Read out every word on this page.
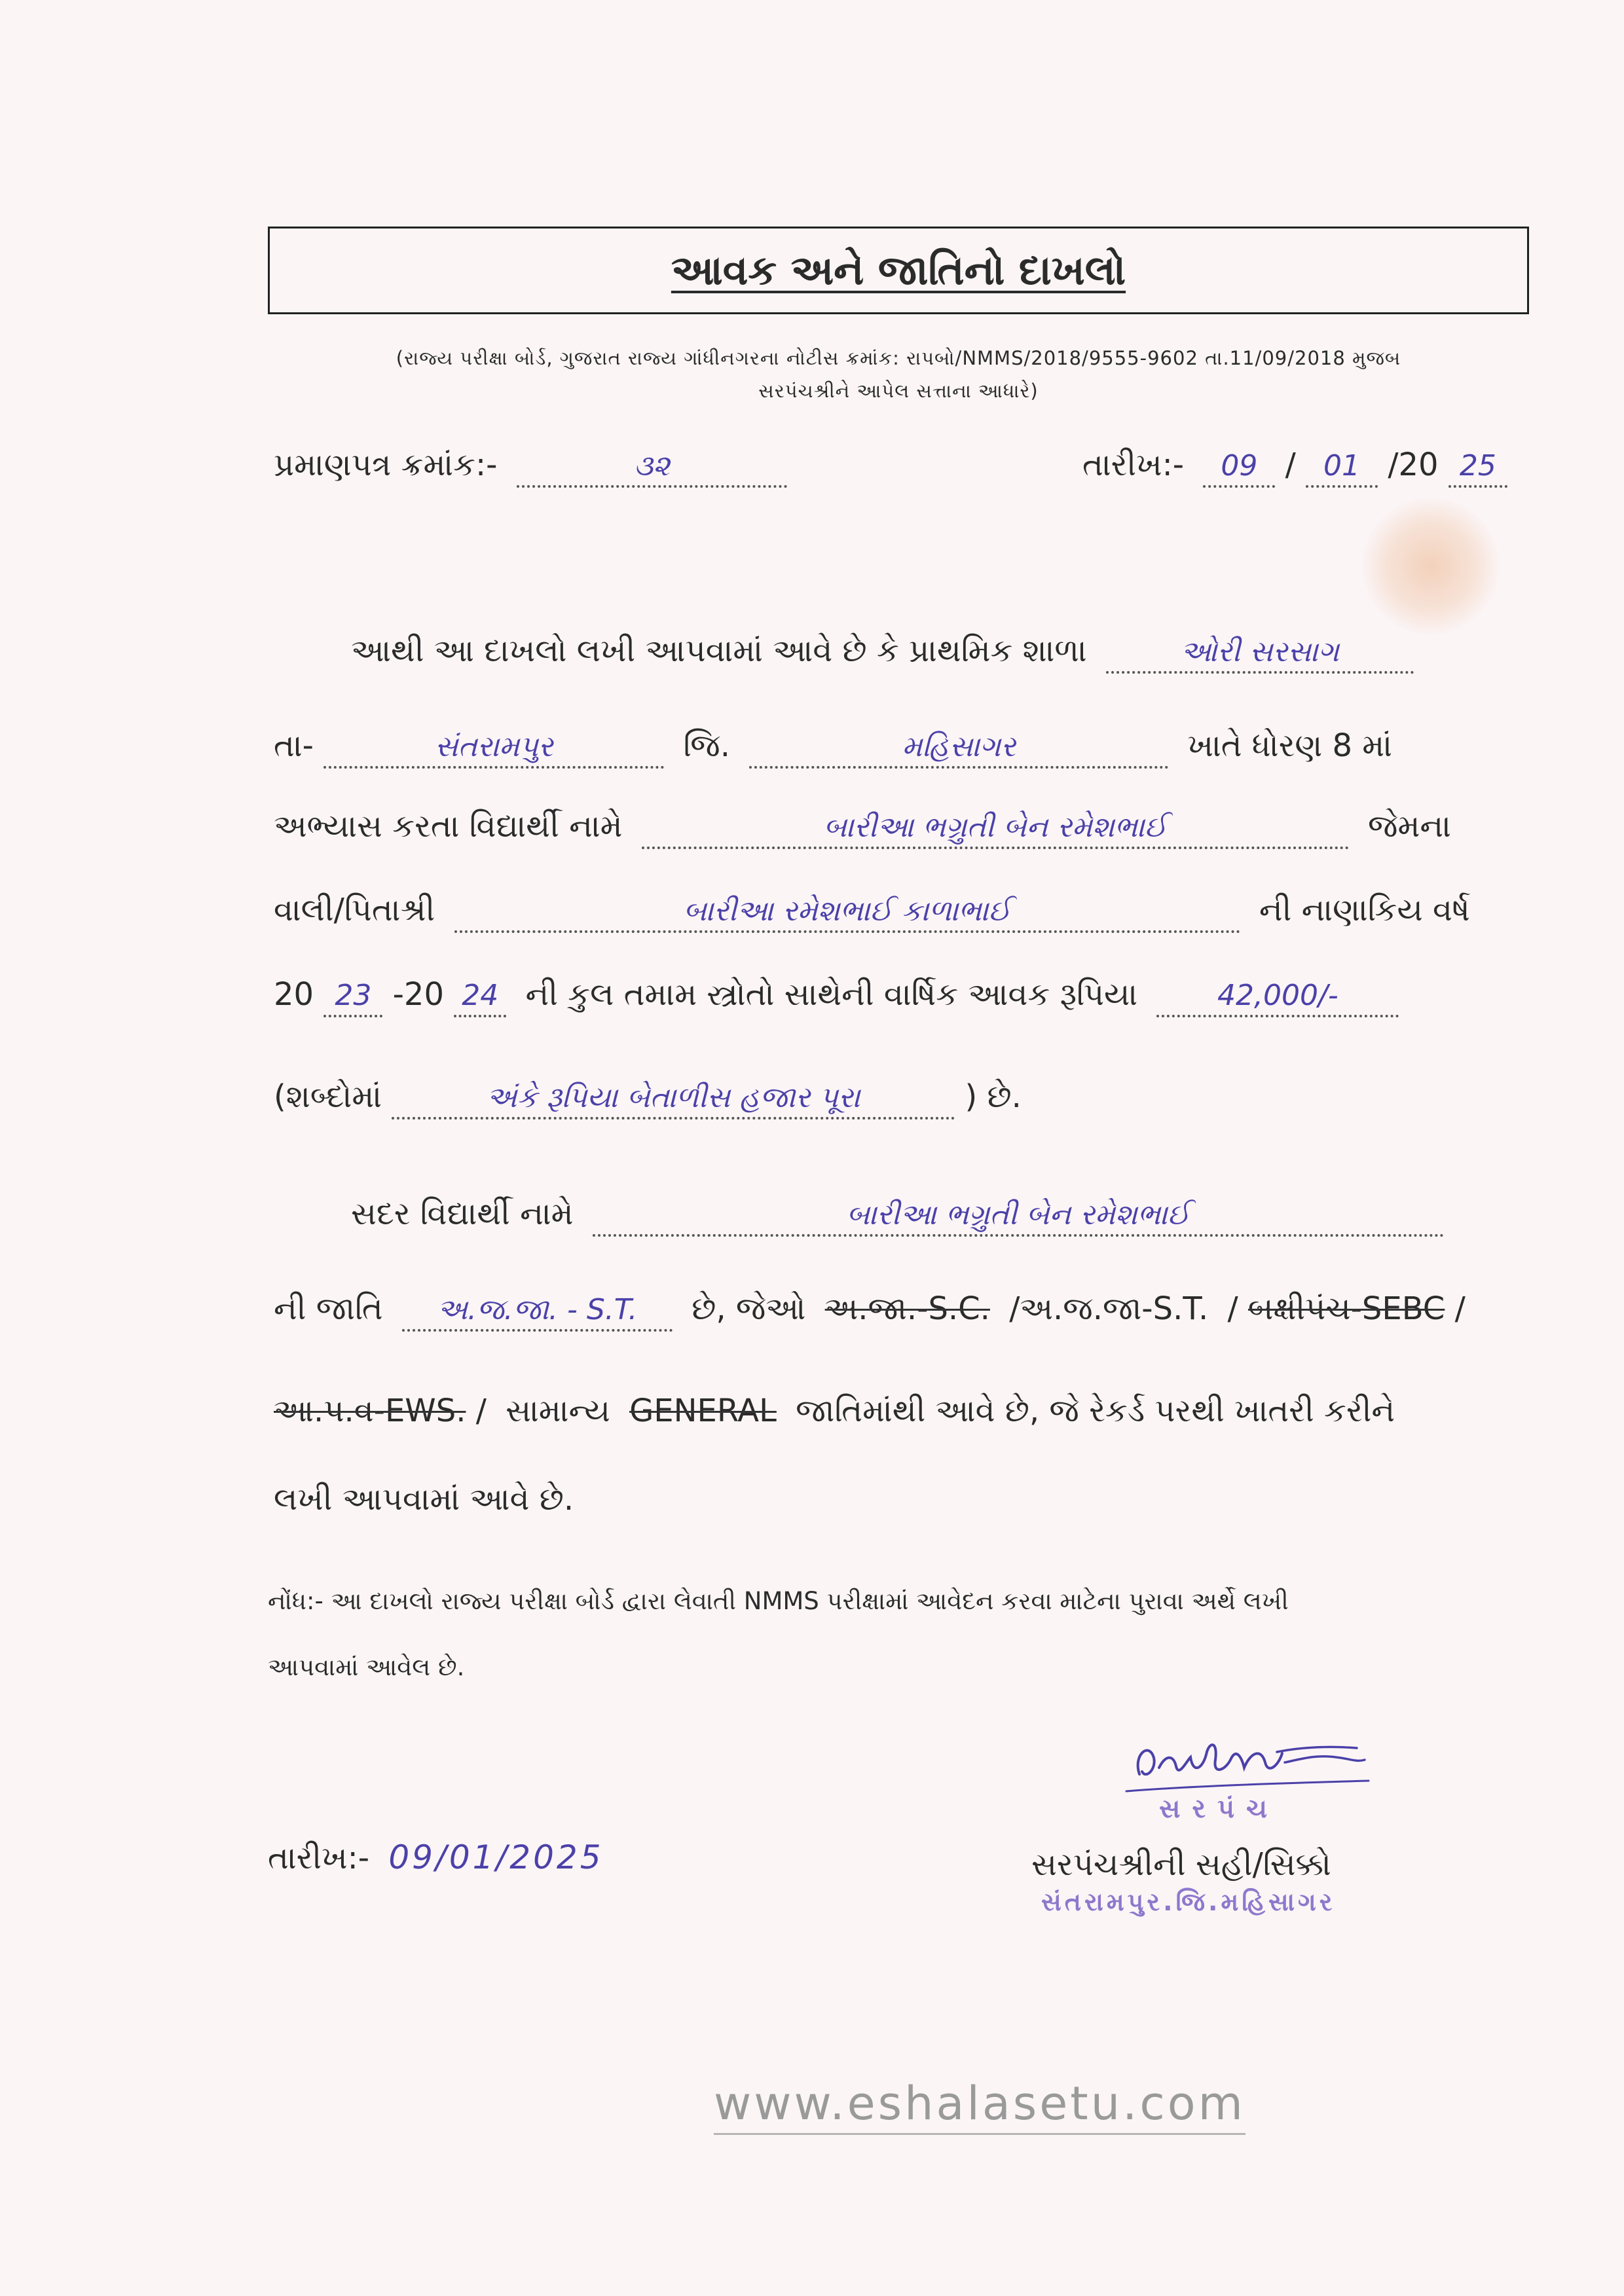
આવક અને જાતિનો દાખલો
(રાજ્ય પરીક્ષા બોર્ડ, ગુજરાત રાજ્ય ગાંધીનગરના નોટીસ ક્રમાંક: રાપબો/NMMS/2018/9555-9602 તા.11/09/2018 મુજબ
સરપંચશ્રીને આપેલ સત્તાના આધારે)
પ્રમાણપત્ર ક્રમાંક:-	૩૨	તારીખ:- 09 / 01 /20 25
આથી આ દાખલો લખી આપવામાં આવે છે કે પ્રાથમિક શાળા	ઓરી સરસાગ
તા-	સંતરામપુર	જિ.	મહિસાગર	ખાતે ધોરણ 8 માં
અભ્યાસ કરતા વિદ્યાર્થી નામે	બારીઆ ભગ્રુતી બેન રમેશભાઈ	જેમના
વાલી/પિતાશ્રી	બારીઆ રમેશભાઈ કાળાભાઈ	ની નાણાકિય વર્ષ
20 23 -20 24 ની કુલ તમામ સ્ત્રોતો સાથેની વાર્ષિક આવક રૂપિયા	42,000/-
(શબ્દોમાં	અંકે રૂપિયા બેતાળીસ હજાર પૂરા	) છે.
સદર વિદ્યાર્થી નામે	બારીઆ ભગ્રુતી બેન રમેશભાઈ
ની જાતિ અ.જ.જા. - S.T. છે, જેઓ અ.જા.-S.C. /અ.જ.જા-S.T. / બક્ષીપંચ-SEBC /
આ.પ.વ-EWS. / સામાન્ય GENERAL જાતિમાંથી આવે છે, જે રેકર્ડ પરથી ખાતરી કરીને
લખી આપવામાં આવે છે.
નોંધ:- આ દાખલો રાજ્ય પરીક્ષા બોર્ડ દ્વારા લેવાતી NMMS પરીક્ષામાં આવેદન કરવા માટેના પુરાવા અર્થે લખી
આપવામાં આવેલ છે.
તારીખ:- 09/01/2025
સરપંચ
સરપંચશ્રીની સહી/સિક્કો
સંતરામપુર.જિ.મહિસાગર
www.eshalasetu.com
